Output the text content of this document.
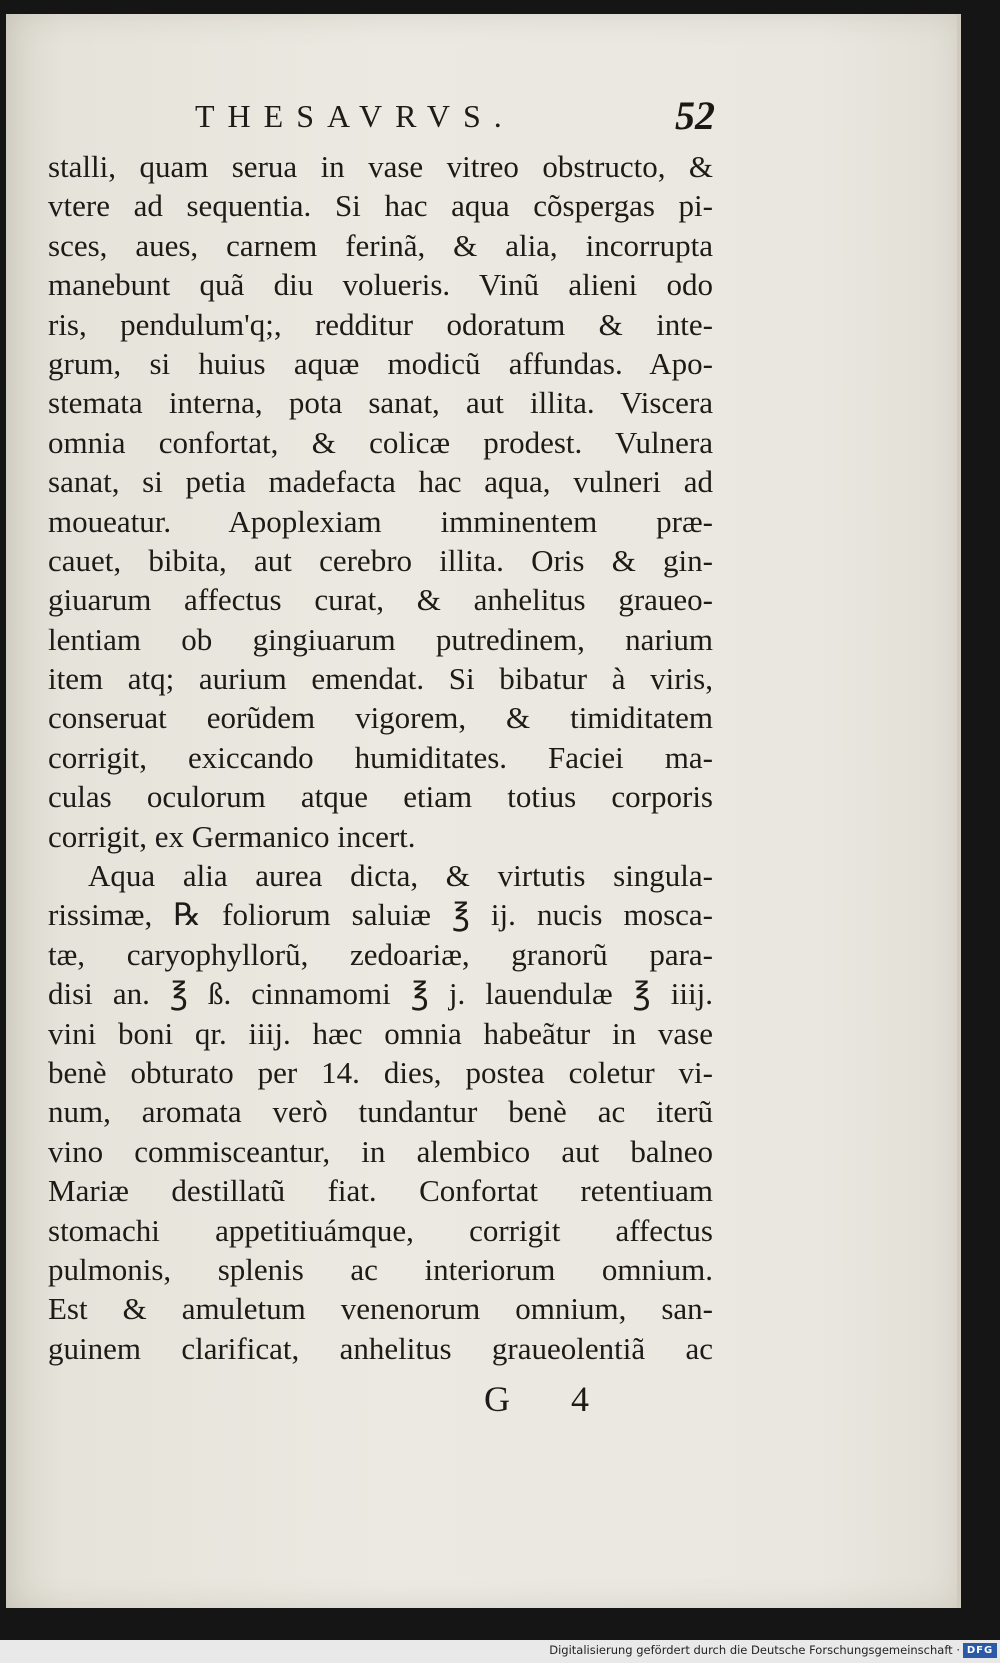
THESAVRVS.	52
stalli, quam serua in vase vitreo obstructo, &
vtere ad sequentia. Si hac aqua cõspergas pi-
sces, aues, carnem ferinã, & alia, incorrupta
manebunt quã diu volueris. Vinũ alieni odo
ris, pendulum'q;, redditur odoratum & inte-
grum, si huius aquæ modicũ affundas. Apo-
stemata interna, pota sanat, aut illita. Viscera
omnia confortat, & colicæ prodest. Vulnera
sanat, si petia madefacta hac aqua, vulneri ad
moueatur. Apoplexiam imminentem præ-
cauet, bibita, aut cerebro illita. Oris & gin-
giuarum affectus curat, & anhelitus graueo-
lentiam ob gingiuarum putredinem, narium
item atq; aurium emendat. Si bibatur à viris,
conseruat eorũdem vigorem, & timiditatem
corrigit, exiccando humiditates. Faciei ma-
culas oculorum atque etiam totius corporis
corrigit, ex Germanico incert.
Aqua alia aurea dicta, & virtutis singula-
rissimæ, ℞ foliorum saluiæ ℥ ij. nucis mosca-
tæ, caryophyllorũ, zedoariæ, granorũ para-
disi an. ℥ ß. cinnamomi ℥ j. lauendulæ ℥ iiij.
vini boni qr. iiij. hæc omnia habeãtur in vase
benè obturato per 14. dies, postea coletur vi-
num, aromata verò tundantur benè ac iterũ
vino commisceantur, in alembico aut balneo
Mariæ destillatũ fiat. Confortat retentiuam
stomachi appetitiuámque, corrigit affectus
pulmonis, splenis ac interiorum omnium.
Est & amuletum venenorum omnium, san-
guinem clarificat, anhelitus graueolentiã ac
G 4
Digitalisierung gefördert durch die Deutsche Forschungsgemeinschaft · DFG
